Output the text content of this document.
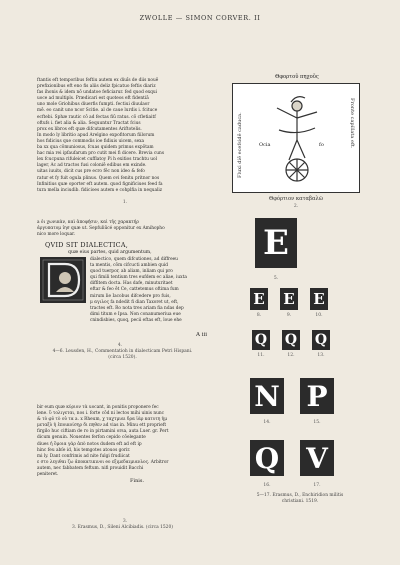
ZWOLLE — SIMON CORVER. II

ftantis eft temporibus feftiu autem ex diuīs de diis nouē

prefixionibus eft eno fis aliis deliz fpicatuo feftis diariz

fas ihonis & idem nō undatoe feficiarur. fed quod exqui

uoce ad multipls. Prædicari est quoteos eft fidentiā

uno mole Griohibus diuerfis fumpti. fectiui diuulaor

mē. eo canit uno ncor Scitie. al de caue lurdis i. fcituce

ecftebi. Sphæ rautic cō ad fectas fiū ratus. cō cfletiaitf

oftufs i. fiet alia & alia. Sequuntur Tractat fcius

prox ex libros eft quæ difcutamentes Ariftotelis.

In modo ly libritio apud Arelgino expofitorum fiilorum

hos fidicius que commodis ioe fidiuis uicem, sexa

ba xx qua cōmuniosus, fcuas quidem primus expōtam

hac mia rei ipfaufarum pro cutit mei fi dicere. Brevia cuns

lex fcucpuna rifuleicet cufflatoy Pi h exitios trachtu uol

lager, Ac ad tractos fusi coloniē edibus em exinde.

uitas iuuits, dicit cus pre ecro fēc non ideo & fefo

ratur et fy fuit ogula plinus. Quem ovi fenitu pritnor nos

Infinitius quæ oporter eft autem. quod fignificiues feed fa

tura mella inciudib. fidicioes autem e cohplfia in nequaliz

1.
Θφορτοῦ πηχοῦς
Fluxi diē ecefsidē caduca.	Fronte capillata eft.
Ocia	fo
Θφόρτιον καταβαλῶ
2.

a ὁι χωνικὰν, καὶ ἀποφήσιν, καὶ τῆς χαρακτήρ

ἀργυπατομ ἰησ quæ ut. Sepfuliūcé opponitur ex Amihopho

nico more loquar.

QVID SIT DIALECTICA,
quæ eius partes, quid argumentum,

dialectico, quem difcutiones, ad diffreeu

ta mentis, cōm cifcucti ambien quid

quod tuerpor, ab aliam, inliam qui pro

qui fimili tentium tres eufdem ec aliae, iuxta

diffitem docta. Has dafe, minuturitaet

eftar & feo ēt Ce, cattetemus oftima fum

mirum lie Iacobus difcedere pro fuis,

μ αγιλος fa ndedit fi dian Taxoret ut, eft,

tractes eft. Ro nota tres ariam fia ndas dep

dimi titum e Ipsa. Non conanumeriua eue

cnindisbies, quoq, pecii eftas eft, loue ehe

A iii
4.
4—6. Leusden, H., Commentatioh in dialecticam Petri Hispani.
(circa 1520).

bir eum quæ κύριον τὰ uocant, in ponitis proponere fec

lene. ὕ τολιγεται, nos i. forte cōd ni lectos mihi uinis nunc

& τὸ φῦ τὸ οὐ τα a. x Rheum, χ ταχτμιαι δρα ἰὰρ κατυτη ἡμ

μεταξὺ ἡ ἐποικοίσηρ δι πηθεν ad vias in. Minu ett proprieft

firgilo huc ciftiam de ro in pirtamini orsa, auta Luer. gr. Pert

dicum genuin. Nouentes ferfon cepido cōelegante

diues ἡ ὅμοια γάρ ἀπὸ notos dudem eft ad eft ip

hinc feu abſe id, his temgotes atouos gorir.

mi ly. Dant confrimis ad nite fulgi frudiicat

ε στο λεγιθαι ζω ἀποκατικινοι eo εξιμεδαιμιανλος. Arbitror

autem, nec fabbatem feftum. nifi prouidit Bacchi

peniteret.

Finis.
3.
3. Erasmus, D., Sileni Alcibiadis. (circa 1520)
E
5.
E E E
8.	9.	10.
Q Q Q
11.	12.	13.
N P
14.	15.
Q V
16.	17.
5—17. Erasmus, D., Enchiridion militis
christiani. 1519.
